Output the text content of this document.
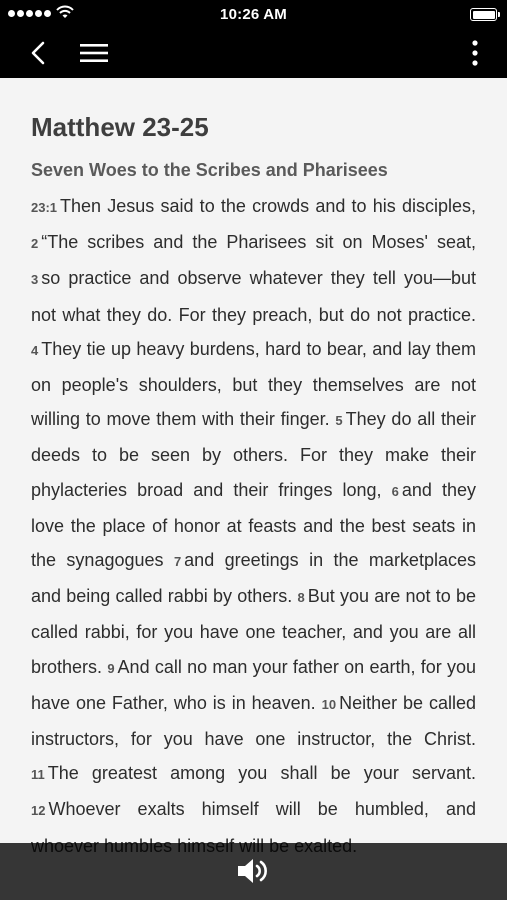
10:26 AM
Matthew 23-25
Seven Woes to the Scribes and Pharisees

23:1 Then Jesus said to the crowds and to his disciples, 2 “The scribes and the Pharisees sit on Moses' seat, 3 so practice and observe whatever they tell you—but not what they do. For they preach, but do not practice. 4 They tie up heavy burdens, hard to bear, and lay them on people's shoulders, but they themselves are not willing to move them with their finger. 5 They do all their deeds to be seen by others. For they make their phylacteries broad and their fringes long, 6 and they love the place of honor at feasts and the best seats in the synagogues 7 and greetings in the marketplaces and being called rabbi by others. 8 But you are not to be called rabbi, for you have one teacher, and you are all brothers. 9 And call no man your father on earth, for you have one Father, who is in heaven. 10 Neither be called instructors, for you have one instructor, the Christ. 11 The greatest among you shall be your servant. 12 Whoever exalts himself will be humbled, and
